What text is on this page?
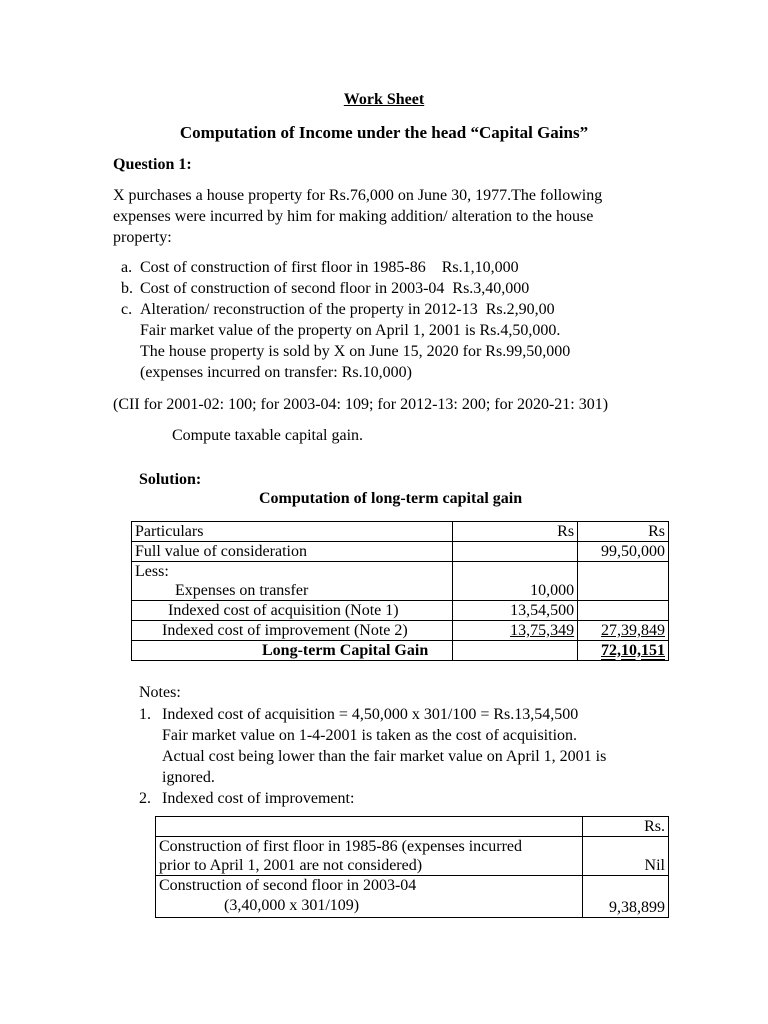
Work Sheet
Computation of Income under the head “Capital Gains”
Question 1:
X purchases a house property for Rs.76,000 on June 30, 1977.The following
expenses were incurred by him for making addition/ alteration to the house
property:
a. Cost of construction of first floor in 1985-86    Rs.1,10,000
b. Cost of construction of second floor in 2003-04  Rs.3,40,000
c. Alteration/ reconstruction of the property in 2012-13  Rs.2,90,00
Fair market value of the property on April 1, 2001 is Rs.4,50,000.
The house property is sold by X on June 15, 2020 for Rs.99,50,000
(expenses incurred on transfer: Rs.10,000)
(CII for 2001-02: 100; for 2003-04: 109; for 2012-13: 200; for 2020-21: 301)
Compute taxable capital gain.
Solution:
Computation of long-term capital gain
Particulars	Rs	Rs
Full value of consideration		99,50,000

Less:
Expenses on transfer	10,000	
Indexed cost of acquisition (Note 1)	13,54,500	
Indexed cost of improvement (Note 2)	13,75,349	27,39,849
Long-term Capital Gain		72,10,151
Notes:
1. Indexed cost of acquisition = 4,50,000 x 301/100 = Rs.13,54,500
Fair market value on 1-4-2001 is taken as the cost of acquisition.
Actual cost being lower than the fair market value on April 1, 2001 is
ignored.
2. Indexed cost of improvement:
	Rs.

Construction of first floor in 1985-86 (expenses incurred
prior to April 1, 2001 are not considered)	Nil

Construction of second floor in 2003-04
(3,40,000 x 301/109)	9,38,899
